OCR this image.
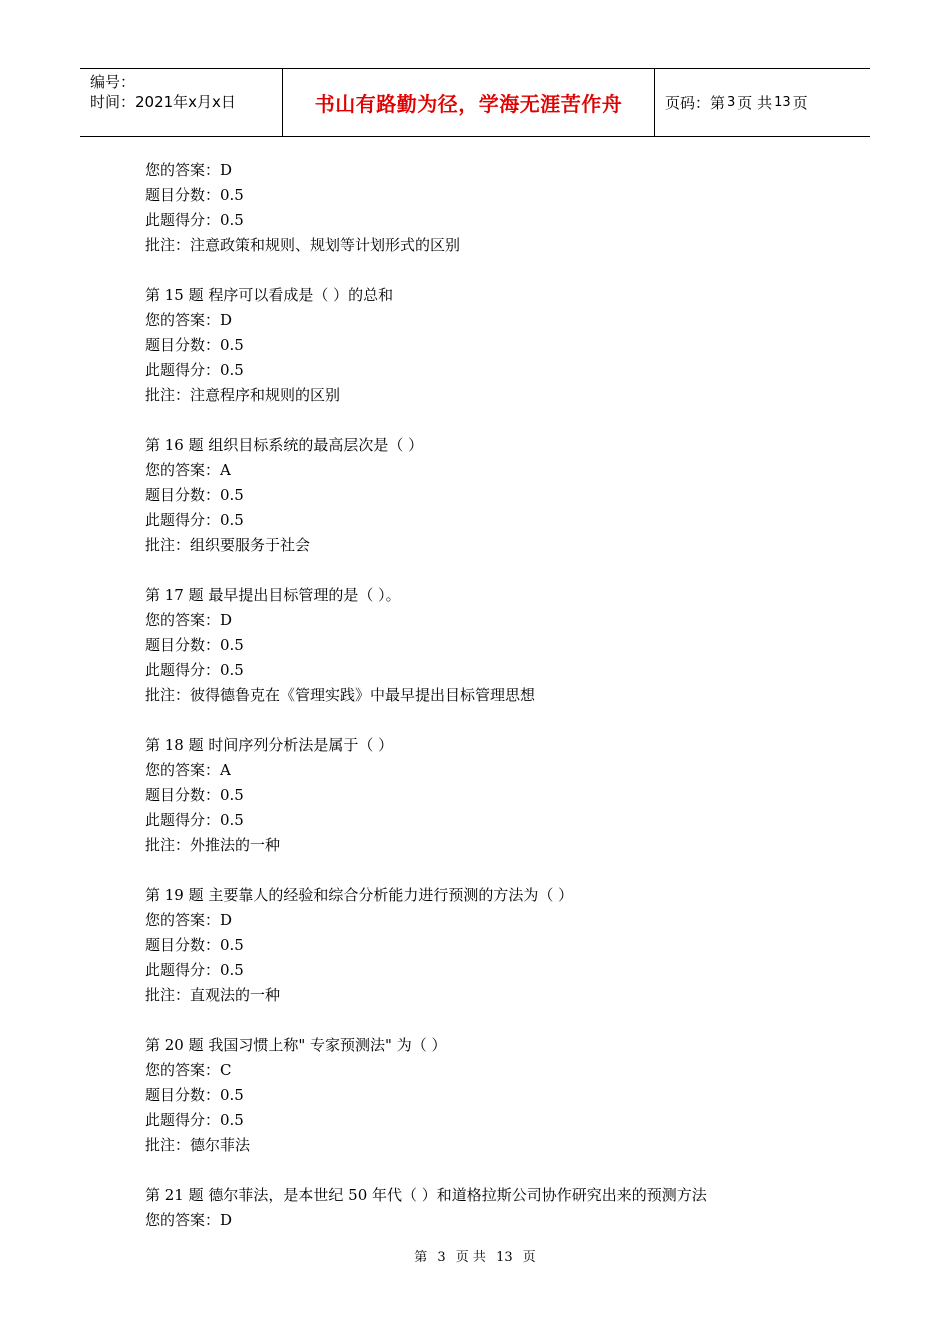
编号：
时间：2021年x月x日	书山有路勤为径，学海无涯苦作舟	页码：第 3 页 共 13 页
您的答案：D
题目分数：0.5
此题得分：0.5
批注：注意政策和规则、规划等计划形式的区别
第 15 题 程序可以看成是（ ）的总和
您的答案：D
题目分数：0.5
此题得分：0.5
批注：注意程序和规则的区别
第 16 题 组织目标系统的最高层次是（ ）
您的答案：A
题目分数：0.5
此题得分：0.5
批注：组织要服务于社会
第 17 题 最早提出目标管理的是（ ）。
您的答案：D
题目分数：0.5
此题得分：0.5
批注：彼得德鲁克在《管理实践》中最早提出目标管理思想
第 18 题 时间序列分析法是属于（ ）
您的答案：A
题目分数：0.5
此题得分：0.5
批注：外推法的一种
第 19 题 主要靠人的经验和综合分析能力进行预测的方法为（ ）
您的答案：D
题目分数：0.5
此题得分：0.5
批注：直观法的一种
第 20 题 我国习惯上称" 专家预测法" 为（ ）
您的答案：C
题目分数：0.5
此题得分：0.5
批注：德尔菲法
第 21 题 德尔菲法，是本世纪 50 年代（ ）和道格拉斯公司协作研究出来的预测方法
您的答案：D
第 3 页 共 13 页
